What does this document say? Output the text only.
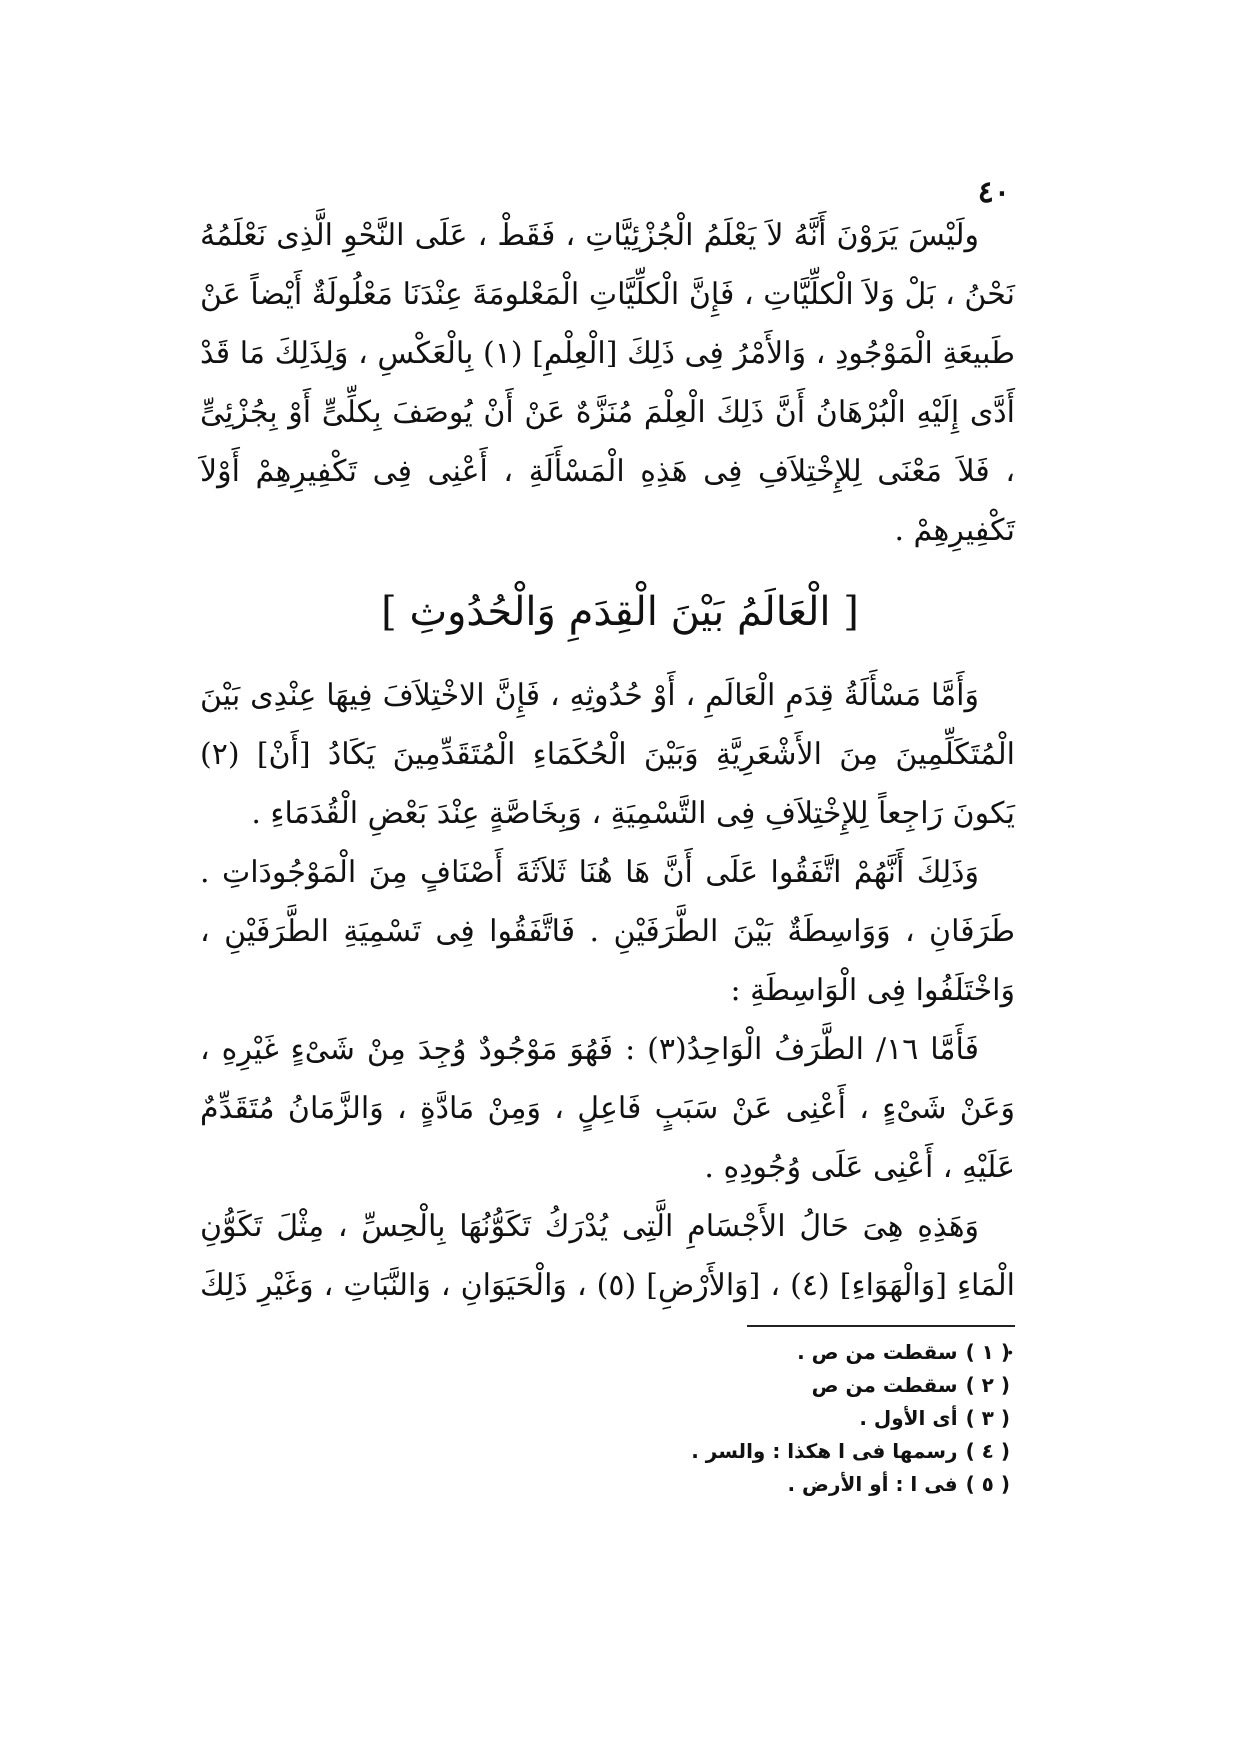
٤٠

ولَيْسَ يَرَوْنَ أَنَّهُ لاَ يَعْلَمُ الْجُزْئِيَّاتِ ، فَقَطْ ، عَلَى النَّحْوِ الَّذِى نَعْلَمُهُ نَحْنُ ، بَلْ وَلاَ الْكلِّيَّاتِ ، فَإِنَّ الْكلِّيَّاتِ الْمَعْلومَةَ عِنْدَنَا مَعْلُولَةٌ أَيْضاً عَنْ طَبيعَةِ الْمَوْجُودِ ، وَالأَمْرُ فِى ذَلِكَ [الْعِلْمِ] (١) بِالْعَكْسِ ، وَلِذَلِكَ مَا قَدْ أَدَّى إِلَيْهِ الْبُرْهَانُ أَنَّ ذَلِكَ الْعِلْمَ مُنَزَّهٌ عَنْ أَنْ يُوصَفَ بِكلِّىٍّ أَوْ بِجُزْئِىٍّ ، فَلاَ مَعْنَى لِلإِخْتِلاَفِ فِى هَذِهِ الْمَسْأَلَةِ ، أَعْنِى فِى تَكْفِيرِهِمْ أَوْلاَ تَكْفِيرِهِمْ .

[ الْعَالَمُ بَيْنَ الْقِدَمِ وَالْحُدُوثِ ]

وَأَمَّا مَسْأَلَةُ قِدَمِ الْعَالَمِ ، أَوْ حُدُوثِهِ ، فَإِنَّ الاخْتِلاَفَ فِيهَا عِنْدِى بَيْنَ الْمُتَكَلِّمِينَ مِنَ الأَشْعَرِيَّةِ وَبَيْنَ الْحُكَمَاءِ الْمُتَقَدِّمِينَ يَكَادُ [أَنْ] (٢) يَكونَ رَاجِعاً لِلإِخْتِلاَفِ فِى التَّسْمِيَةِ ، وَبِخَاصَّةٍ عِنْدَ بَعْضِ الْقُدَمَاءِ .

وَذَلِكَ أَنَّهُمْ اتَّفَقُوا عَلَى أَنَّ هَا هُنَا ثَلاَثَةَ أَصْنَافٍ مِنَ الْمَوْجُودَاتِ . طَرَفَانِ ، وَوَاسِطَةٌ بَيْنَ الطَّرَفَيْنِ . فَاتَّفَقُوا فِى تَسْمِيَةِ الطَّرَفَيْنِ ، وَاخْتَلَفُوا فِى الْوَاسِطَةِ :

فَأَمَّا ١٦/ الطَّرَفُ الْوَاحِدُ(٣) : فَهُوَ مَوْجُودٌ وُجِدَ مِنْ شَىْءٍ غَيْرِهِ ، وَعَنْ شَىْءٍ ، أَعْنِى عَنْ سَبَبٍ فَاعِلٍ ، وَمِنْ مَادَّةٍ ، وَالزَّمَانُ مُتَقَدِّمٌ عَلَيْهِ ، أَعْنِى عَلَى وُجُودِهِ .

وَهَذِهِ هِىَ حَالُ الأَجْسَامِ الَّتِى يُدْرَكُ تَكَوُّنُهَا بِالْحِسِّ ، مِثْلَ تَكَوُّنِ الْمَاءِ [وَالْهَوَاءِ] (٤) ، [وَالأَرْضِ] (٥) ، وَالْحَيَوَانِ ، وَالنَّبَاتِ ، وَغَيْرِ ذَلِكَ .

( ١ )سقطت من ص .
( ٢ )سقطت من ص
( ٣ )أى الأول .
( ٤ )رسمها فى ا هكذا : والسر .
( ٥ )فى ا : أو الأرض .
